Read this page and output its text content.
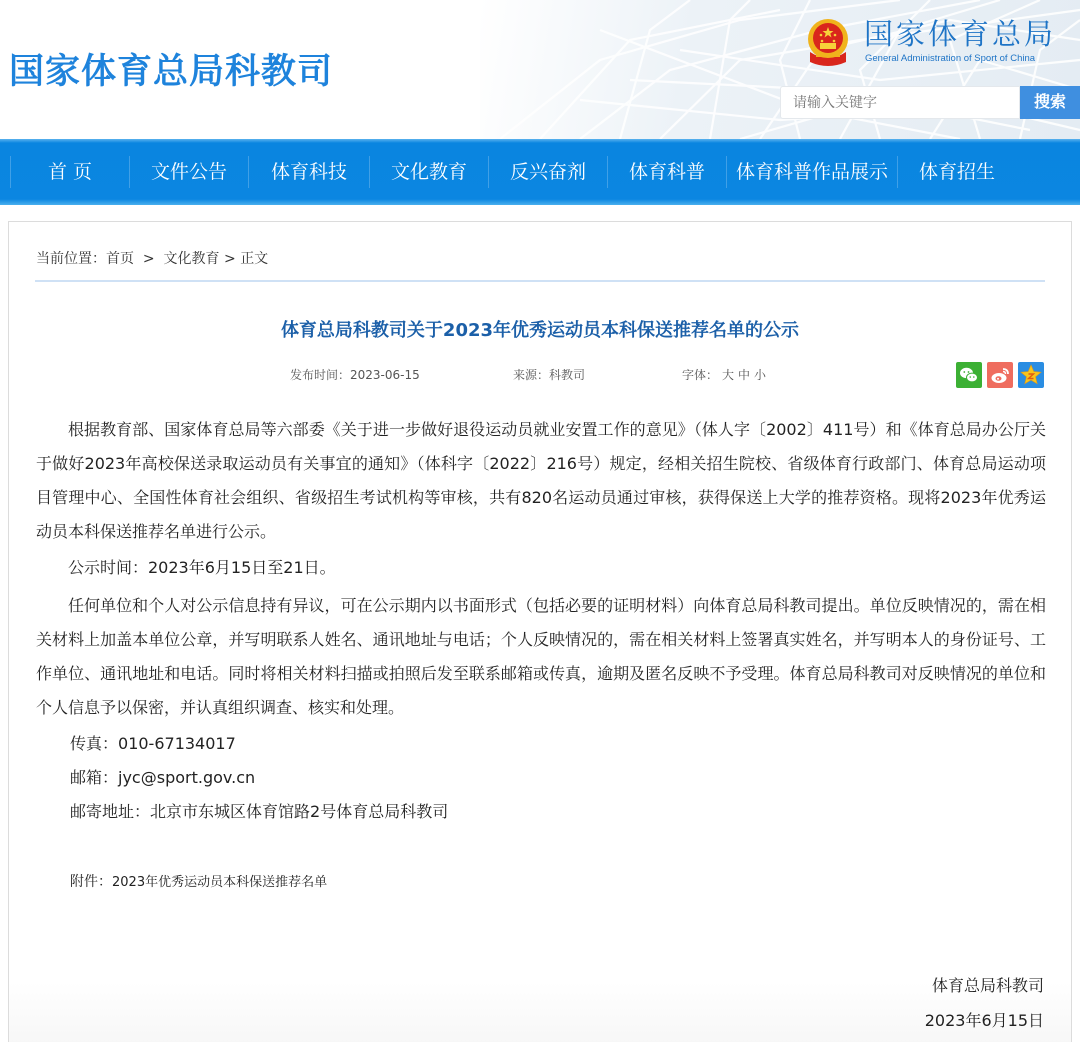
国家体育总局科教司
国家体育总局
General Administration of Sport of China
请输入关键字
搜索
首 页	文件公告	体育科技	文化教育	反兴奋剂	体育科普	体育科普作品展示	体育招生
当前位置：首页 > 文化教育 > 正文
体育总局科教司关于2023年优秀运动员本科保送推荐名单的公示
发布时间：2023-06-15	来源：科教司	字体： 大 中 小

根据教育部、国家体育总局等六部委《关于进一步做好退役运动员就业安置工作的意见》（体人字〔2002〕411号）和《体育总局办公厅关于做好2023年高校保送录取运动员有关事宜的通知》（体科字〔2022〕216号）规定，经相关招生院校、省级体育行政部门、体育总局运动项目管理中心、全国性体育社会组织、省级招生考试机构等审核，共有820名运动员通过审核，获得保送上大学的推荐资格。现将2023年优秀运动员本科保送推荐名单进行公示。

公示时间：2023年6月15日至21日。

任何单位和个人对公示信息持有异议，可在公示期内以书面形式（包括必要的证明材料）向体育总局科教司提出。单位反映情况的，需在相关材料上加盖本单位公章，并写明联系人姓名、通讯地址与电话；个人反映情况的，需在相关材料上签署真实姓名，并写明本人的身份证号、工作单位、通讯地址和电话。同时将相关材料扫描或拍照后发至联系邮箱或传真，逾期及匿名反映不予受理。体育总局科教司对反映情况的单位和个人信息予以保密，并认真组织调查、核实和处理。

传真：010-67134017

邮箱：jyc@sport.gov.cn

邮寄地址：北京市东城区体育馆路2号体育总局科教司

附件：2023年优秀运动员本科保送推荐名单
体育总局科教司
2023年6月15日
